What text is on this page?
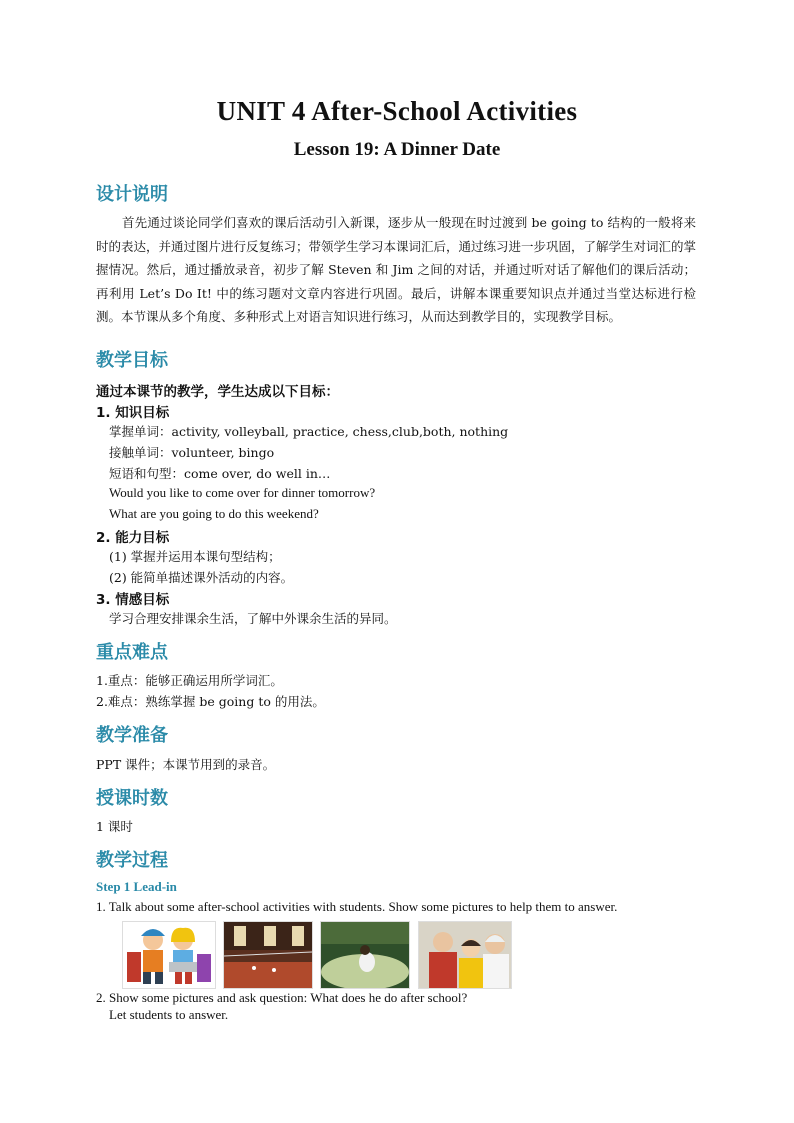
UNIT 4 After-School Activities
Lesson 19: A Dinner Date
设计说明
首先通过谈论同学们喜欢的课后活动引入新课，逐步从一般现在时过渡到 be going to 结构的一般将来时的表达，并通过图片进行反复练习；带领学生学习本课词汇后，通过练习进一步巩固，了解学生对词汇的掌握情况。然后，通过播放录音，初步了解 Steven 和 Jim 之间的对话，并通过听对话了解他们的课后活动；再利用 Let’s Do It! 中的练习题对文章内容进行巩固。最后，讲解本课重要知识点并通过当堂达标进行检测。本节课从多个角度、多种形式上对语言知识进行练习，从而达到教学目的，实现教学目标。
教学目标
通过本课节的教学，学生达成以下目标：
1. 知识目标
掌握单词：activity, volleyball, practice, chess,club,both, nothing
接触单词：volunteer, bingo
短语和句型：come over, do well in…
Would you like to come over for dinner tomorrow?
What are you going to do this weekend?
2. 能力目标
(1) 掌握并运用本课句型结构；
(2) 能简单描述课外活动的内容。
3. 情感目标
学习合理安排课余生活，了解中外课余生活的异同。
重点难点
1.重点：能够正确运用所学词汇。
2.难点：熟练掌握 be going to 的用法。
教学准备
PPT 课件；本课节用到的录音。
授课时数
1 课时
教学过程
Step 1 Lead-in
1. Talk about some after-school activities with students. Show some pictures to help them to answer.
2. Show some pictures and ask question: What does he do after school?
Let students to answer.
